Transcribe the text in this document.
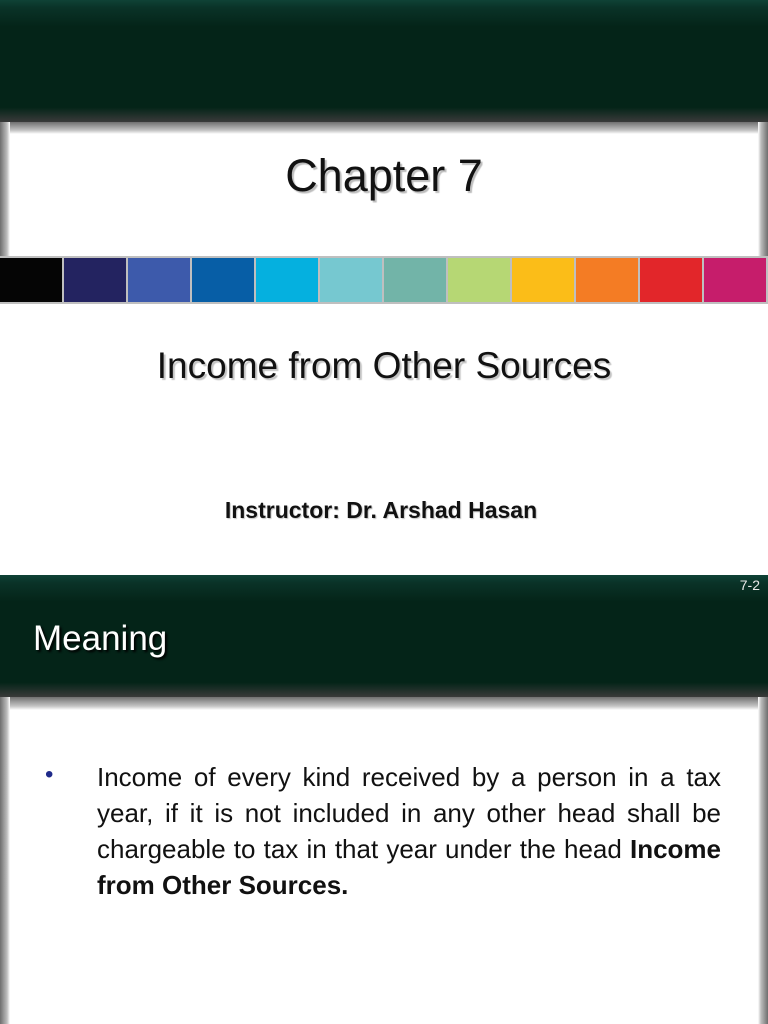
Chapter 7
Income from Other Sources
Instructor: Dr. Arshad Hasan
7-2
Meaning
• Income of every kind received by a person in a tax year, if it is not included in any other head shall be chargeable to tax in that year under the head Income from Other Sources.
